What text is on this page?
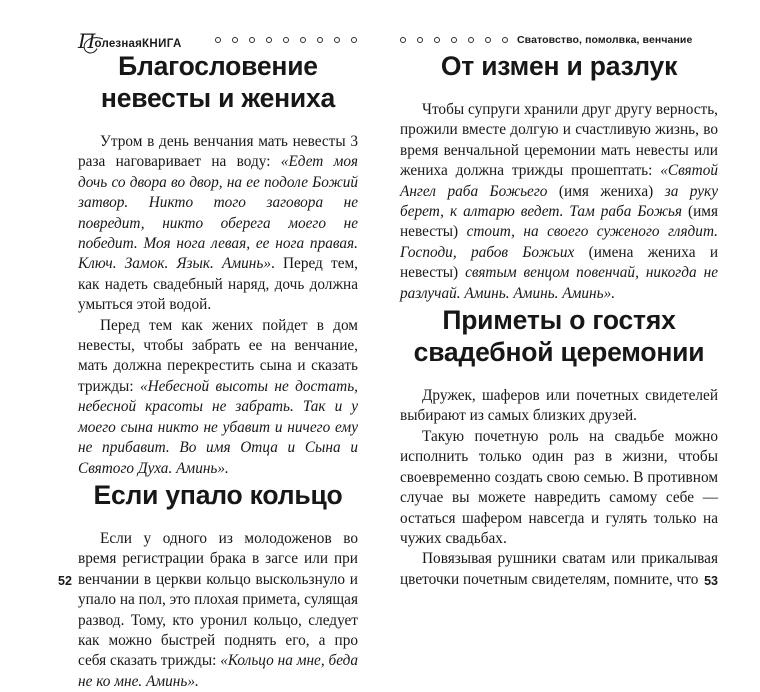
П олезная КНИГА
Благословение невесты и жениха

Утром в день венчания мать невесты 3 раза наговаривает на воду: «Едет моя дочь со двора во двор, на ее подоле Божий затвор. Никто того заговора не повредит, никто оберега моего не победит. Моя нога левая, ее нога правая. Ключ. Замок. Язык. Аминь». Перед тем, как надеть свадебный наряд, дочь должна умыться этой водой.

Перед тем как жених пойдет в дом невесты, чтобы забрать ее на венчание, мать должна перекрестить сына и сказать трижды: «Небесной высоты не достать, небесной красоты не забрать. Так и у моего сына никто не убавит и ничего ему не прибавит. Во имя Отца и Сына и Святого Духа. Аминь».

Если упало кольцо

Если у одного из молодоженов во время регистрации брака в загсе или при венчании в церкви кольцо выскользнуло и упало на пол, это плохая примета, сулящая развод. Тому, кто уронил кольцо, следует как можно быстрей поднять его, а про себя сказать трижды: «Кольцо на мне, беда не ко мне. Аминь».

52
Сватовство, помолвка, венчание
От измен и разлук

Чтобы супруги хранили друг другу верность, прожили вместе долгую и счастливую жизнь, во время венчальной церемонии мать невесты или жениха должна трижды прошептать: «Святой Ангел раба Божьего (имя жениха) за руку берет, к алтарю ведет. Там раба Божья (имя невесты) стоит, на своего суженого глядит. Господи, рабов Божьих (имена жениха и невесты) святым венцом повенчай, никогда не разлучай. Аминь. Аминь. Аминь».

Приметы о гостях свадебной церемонии

Дружек, шаферов или почетных свидетелей выбирают из самых близких друзей.

Такую почетную роль на свадьбе можно исполнить только один раз в жизни, чтобы своевременно создать свою семью. В противном случае вы можете навредить самому себе — остаться шафером навсегда и гулять только на чужих свадьбах.

Повязывая рушники сватам или прикалывая цветочки почетным свидетелям, помните, что 53
